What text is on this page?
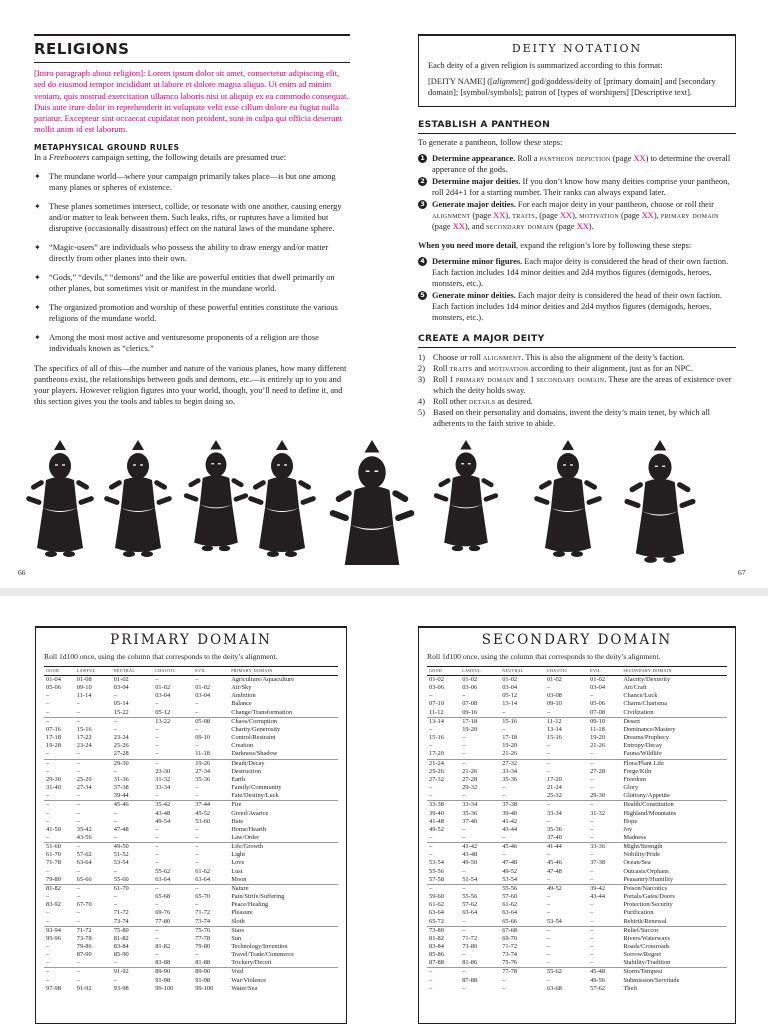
RELIGIONS
[Intro paragraph about religion]: Lorem ipsum dolor sit amet, consectetur adipiscing elit, sed do eiusmod tempor incididunt ut labore et dolore magna aliqua. Ut enim ad minim veniam, quis nostrud exercitation ullamco laboris nisi ut aliquip ex ea commodo consequat. Duis aute irure dolor in reprehenderit in voluptate velit esse cillum dolore eu fugiat nulla pariatur. Excepteur sint occaecat cupidatat non proident, sunt in culpa qui officia deserunt mollit anim id est laborum.
METAPHYSICAL GROUND RULES
In a Freebooters campaign setting, the following details are presumed true:
✦ The mundane world—where your campaign primarily takes place—is but one among many planes or spheres of existence.
✦ These planes sometimes intersect, collide, or resonate with one another, causing energy and/or matter to leak between them. Such leaks, rifts, or ruptures have a limited but disruptive (occasionally disastrous) effect on the natural laws of the mundane sphere.
✦ “Magic-users” are individuals who possess the ability to draw energy and/or matter directly from other planes into their own.
✦ “Gods,” “devils,” “demons” and the like are powerful entities that dwell primarily on other planes, but sometimes visit or manifest in the mundane world.
✦ The organized promotion and worship of these powerful entities constitute the various religions of the mundane world.
✦ Among the most most active and venturesome proponents of a religion are those individuals known as “clerics.”
The specifics of all of this—the number and nature of the various planes, how many different pantheons exist, the relationships between gods and demons, etc.—is entirely up to you and your players. However religion figures into your world, though, you’ll need to define it, and this section gives you the tools and tables to begin doing so.
DEITY NOTATION
Each deity of a given religion is summarized according to this format:
[DEITY NAME] ([alignment] god/goddess/deity of [primary domain] and [secondary domain]; [symbol/symbols]; patron of [types of worshipers] [Descriptive text].
ESTABLISH A PANTHEON
To generate a pantheon, follow these steps:
1 Determine appearance. Roll a pantheon depiction (page XX) to determine the overall apperance of the gods.
2 Determine major deities. If you don’t know how many deities comprise your pantheon, roll 2d4+1 for a starting number. Their ranks can always expand later.
3 Generate major deities. For each major deity in your pantheon, choose or roll their alignment (page XX), traits, (page XX), motivation (page XX), primary domain (page XX), and secondary domain (page XX).
When you need more detail, expand the religion’s lore by following these steps:
4 Determine minor figures. Each major deity is considered the head of their own faction. Each faction includes 1d4 minor deities and 2d4 mythos figures (demigods, heroes, monsters, etc.).
5 Generate minor deities. Each major deity is considered the head of their own faction. Each faction includes 1d4 minor deities and 2d4 mythos figures (demigods, heroes, monsters, etc.).
CREATE A MAJOR DEITY
1) Choose or roll alignment. This is also the alignment of the deity’s faction.
2) Roll traits and motivation according to their alignment, just as for an NPC.
3) Roll 1 primary domain and 1 secondary domain. These are the areas of existence over which the deity holds sway.
4) Roll other details as desired.
5) Based on their personality and domains, invent the deity’s main tenet, by which all adherents to the faith strive to abide.
66	67
PRIMARY DOMAIN
Roll 1d100 once, using the column that corresponds to the deity’s alignment.
good	lawful	neutral	chaotic	evil	primary domain
01-04	01-08	01-02	–	–	Agriculture/Aquaculture
05-06	09-10	03-04	01-02	01-02	Air/Sky
–	11-14	–	03-04	03-04	Ambition
–	–	05-14	–	–	Balance
–	–	15-22	05-12	–	Change/Transformation
–	–	–	13-22	05-08	Chaos/Corruption
07-16	15-16	–	–	–	Charity/Generosity
17-18	17-22	23-24	–	09-10	Control/Restraint
19-28	23-24	25-26	–	–	Creation
–	–	27-28	–	11-18	Darkness/Shadow
–	–	29-30	–	19-26	Death/Decay
–	–	–	23-30	27-34	Destruction
29-30	25-26	31-36	31-32	35-36	Earth
31-40	27-34	37-38	33-34	–	Family/Community
–	–	39-44	–	–	Fate/Destiny/Luck
–	–	45-46	35-42	37-44	Fire
–	–	–	43-48	45-52	Greed/Avarice
–	–	–	49-54	53-60	Hate
41-50	35-42	47-48	–	–	Home/Hearth
–	43-56	–	–	–	Law/Order
51-60	–	49-50	–	–	Life/Growth
61-70	57-62	51-52	–	–	Light
71-78	63-64	53-54	–	–	Love
–	–	–	55-62	61-62	Lust
79-80	65-66	55-60	63-64	63-64	Moon
81-82	–	61-70	–	–	Nature
–	–	–	65-68	65-70	Pain/Strife/Suffering
83-92	67-70	–	–	–	Peace/Healing
–	–	71-72	69-76	71-72	Pleasure
–	–	73-74	77-80	73-74	Sloth
93-94	71-72	75-80	–	75-76	Stars
95-96	73-78	81-82	–	77-78	Sun
–	79-86	83-84	81-82	79-80	Technology/Invention
–	87-90	85-90	–	–	Travel/Trade/Commerce
–	–	–	83-88	81-88	Trickery/Deceit
–	–	91-92	89-90	89-90	Void
–	–	–	91-98	91-98	War/Violence
97-98	91-92	93-98	99-100	99-100	Water/Sea
SECONDARY DOMAIN
Roll 1d100 once, using the column that corresponds to the deity’s alignment.
good	lawful	neutral	chaotic	evil	secondary domain
01-02	01-02	01-02	01-02	01-02	Alacrity/Dexterity
03-06	03-06	03-04	–	03-04	Art/Craft
–	–	05-12	03-08	–	Chance/Luck
07-10	07-08	13-14	09-10	05-06	Charm/Charisma
11-12	09-16	–	–	07-08	Civilization
13-14	17-18	15-16	11-12	09-10	Desert
–	19-20	–	13-14	11-18	Dominance/Mastery
15-16	–	17-18	15-16	19-20	Dreams/Prophecy
–	–	19-20	–	21-26	Entropy/Decay
17-20	–	21-26	–	–	Fauna/Wildlife
21-24	–	27-32	–	–	Flora/Plant Life
25-26	21-26	33-34	–	27-28	Forge/Kiln
27-32	27-28	35-36	17-20	–	Freedom
–	29-32	–	21-24	–	Glory
–	–	–	25-32	29-30	Gluttony/Appetite
33-38	33-34	37-38	–	–	Health/Constitution
39-40	35-36	39-40	33-34	31-32	Highland/Mountains
41-48	37-40	41-42	–	–	Hope
49-52	–	43-44	35-36	–	Joy
–	–	–	37-40	–	Madness
–	41-42	45-46	41-44	33-36	Might/Strength
–	43-48	–	–	–	Nobility/Pride
53-54	49-50	47-48	45-46	37-38	Ocean/Sea
55-56	–	49-52	47-48	–	Outcasts/Orphans
57-58	51-54	53-54	–	–	Peasantry/Humility
–	–	55-56	49-52	39-42	Poison/Narcotics
59-60	55-56	57-60	–	43-44	Portals/Gates/Doors
61-62	57-62	61-62	–	–	Protection/Security
63-64	63-64	63-64	–	–	Purification
65-72	–	65-66	53-54	–	Rebirth/Renewal
73-80	–	67-68	–	–	Relief/Succor
81-82	71-72	69-70	–	–	Rivers/Waterways
83-84	73-80	71-72	–	–	Roads/Crossroads
85-86	–	73-74	–	–	Sorrow/Regret
87-88	81-86	75-76	–	–	Stability/Tradition
–	–	77-78	55-62	45-48	Storm/Tempest
–	87-88	–	–	49-56	Submission/Servitude
–	–	–	63-68	57-62	Theft
